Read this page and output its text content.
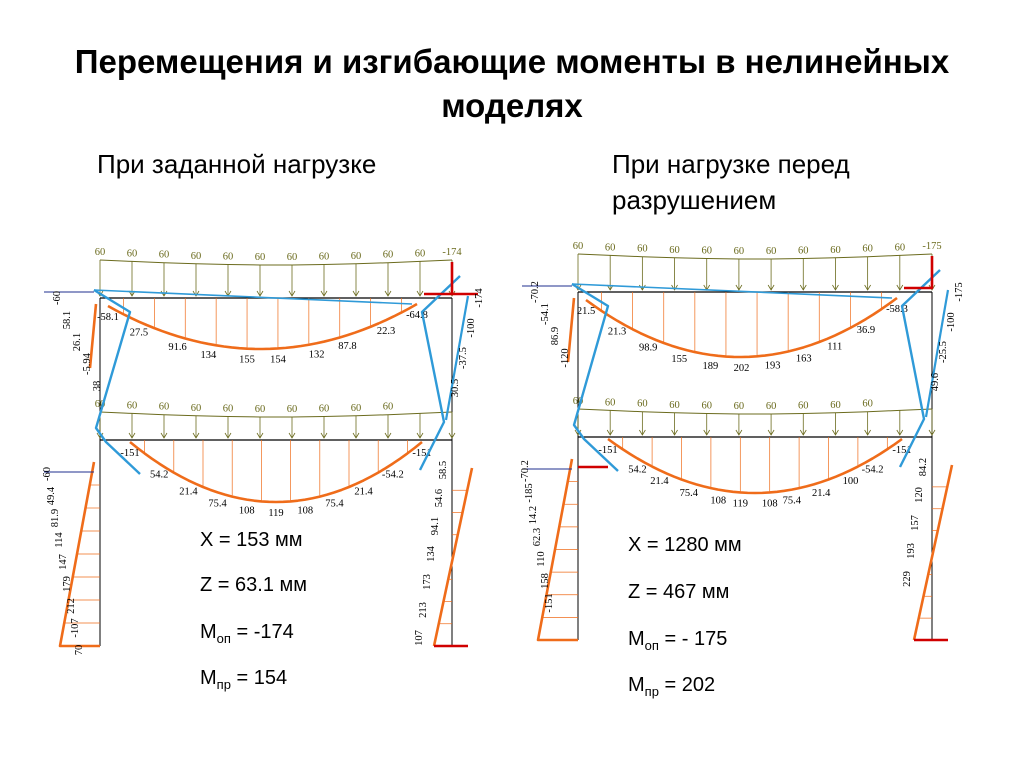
Перемещения и изгибающие моменты в нелинейных моделях
При заданной нагрузке	При нагрузке перед разрушением
60 60 60 60 60 60 60 60 60 60 60 -174
60 60 60 60 60 60 60 60 60 60
-58.1
27.5
91.6
134 155 154 132
87.8
22.3
-64.8
-151
54.2
21.4
75.4
108 119 108
75.4
21.4
-54.2
-151
-60
58.1
26.1
-5.94
38
-60
49.4
81.9
114
147
179
212
-107
70
-174
-100
-37.5
30.5
58.5
54.6
94.1
134
173
213
107
60 60 60 60 60 60 60 60 60 60 60 -175
60 60 60 60 60 60 60 60 60 60
21.5
21.3
98.9
155
189 202 193
163
111
36.9
-58.3
-151
54.2
21.4
75.4
108 119 108 75.4
21.4
100
-54.2
-151
-70.2
-54.1
86.9
-120
-70.2
-185
14.2
62.3
110
158
-151
-175
-100
-25.5
49.6
84.2
120
157
193
229
X = 153 мм
Z = 63.1 мм
$M_{оп} = -174$
$M_{пр} = 154$
X = 1280 мм
Z = 467 мм
$M_{оп}$ = - 175
$M_{пр} = 202$
